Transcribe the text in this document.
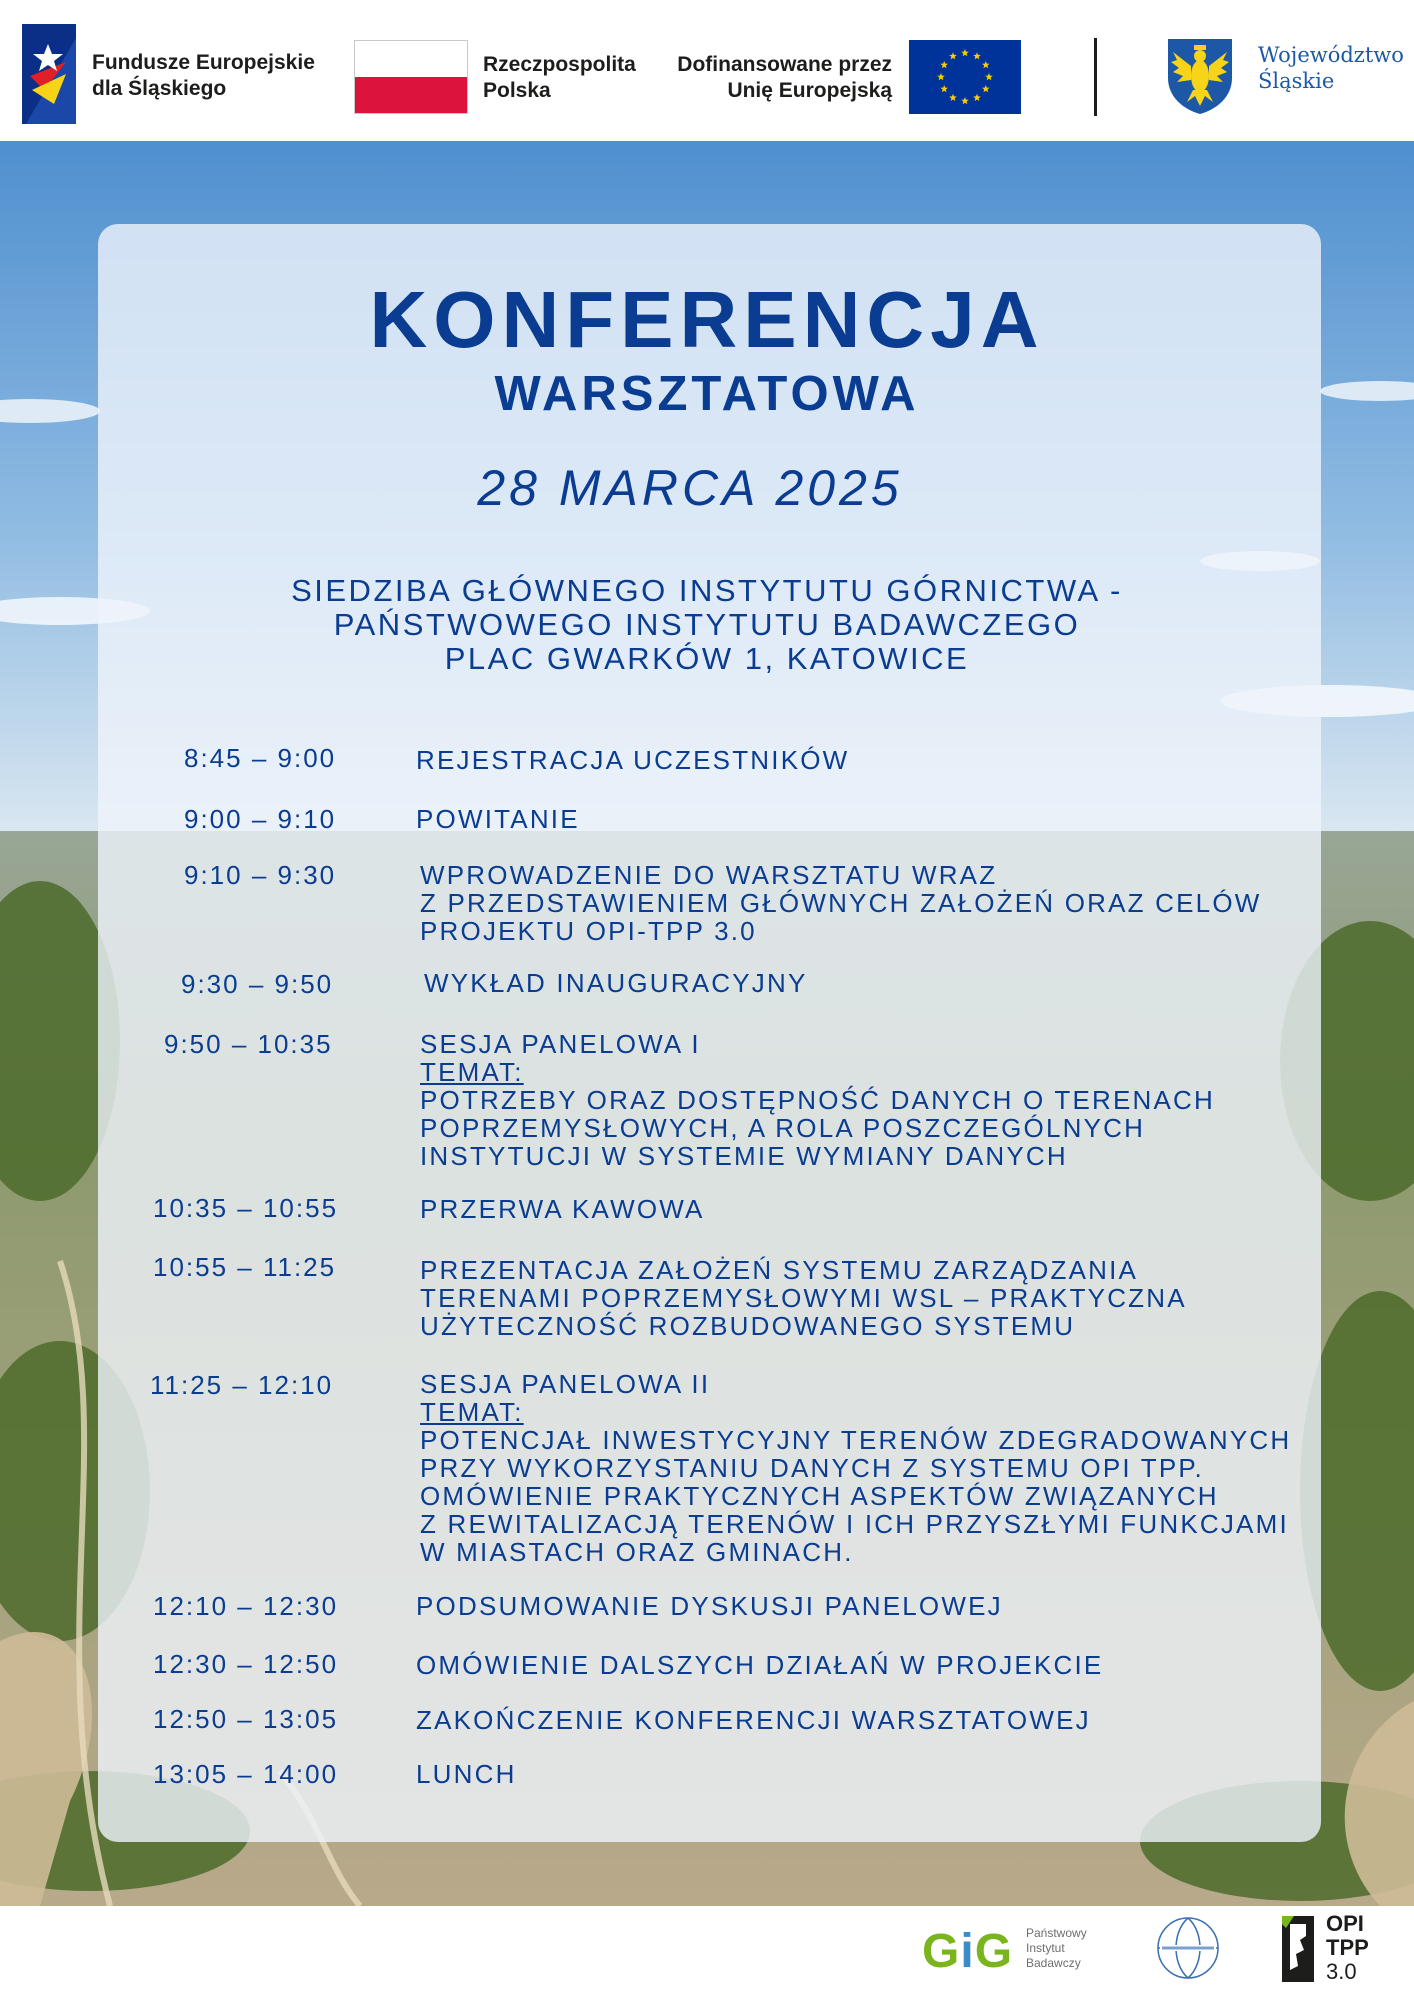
Fundusze Europejskie
dla Śląskiego
Rzeczpospolita
Polska
Dofinansowane przez
Unię Europejską
Województwo
Śląskie
KONFERENCJA
WARSZTATOWA
28 MARCA 2025
SIEDZIBA GŁÓWNEGO INSTYTUTU GÓRNICTWA -
PAŃSTWOWEGO INSTYTUTU BADAWCZEGO
PLAC GWARKÓW 1, KATOWICE
8:45 – 9:00	REJESTRACJA UCZESTNIKÓW
9:00 – 9:10	POWITANIE
9:10 – 9:30	WPROWADZENIE DO WARSZTATU WRAZ
Z PRZEDSTAWIENIEM GŁÓWNYCH ZAŁOŻEŃ ORAZ CELÓW
PROJEKTU OPI-TPP 3.0
9:30 – 9:50	WYKŁAD INAUGURACYJNY
9:50 – 10:35	SESJA PANELOWA I
TEMAT:
POTRZEBY ORAZ DOSTĘPNOŚĆ DANYCH O TERENACH
POPRZEMYSŁOWYCH, A ROLA POSZCZEGÓLNYCH
INSTYTUCJI W SYSTEMIE WYMIANY DANYCH
10:35 – 10:55	PRZERWA KAWOWA
10:55 – 11:25	PREZENTACJA ZAŁOŻEŃ SYSTEMU ZARZĄDZANIA
TERENAMI POPRZEMYSŁOWYMI WSL – PRAKTYCZNA
UŻYTECZNOŚĆ ROZBUDOWANEGO SYSTEMU
11:25 – 12:10	SESJA PANELOWA II
TEMAT:
POTENCJAŁ INWESTYCYJNY TERENÓW ZDEGRADOWANYCH
PRZY WYKORZYSTANIU DANYCH Z SYSTEMU OPI TPP.
OMÓWIENIE PRAKTYCZNYCH ASPEKTÓW ZWIĄZANYCH
Z REWITALIZACJĄ TERENÓW I ICH PRZYSZŁYMI FUNKCJAMI
W MIASTACH ORAZ GMINACH.
12:10 – 12:30	PODSUMOWANIE DYSKUSJI PANELOWEJ
12:30 – 12:50	OMÓWIENIE DALSZYCH DZIAŁAŃ W PROJEKCIE
12:50 – 13:05	ZAKOŃCZENIE KONFERENCJI WARSZTATOWEJ
13:05 – 14:00	LUNCH
GiG Państwowy
Instytut
Badawczy
OPI
TPP
3.0
